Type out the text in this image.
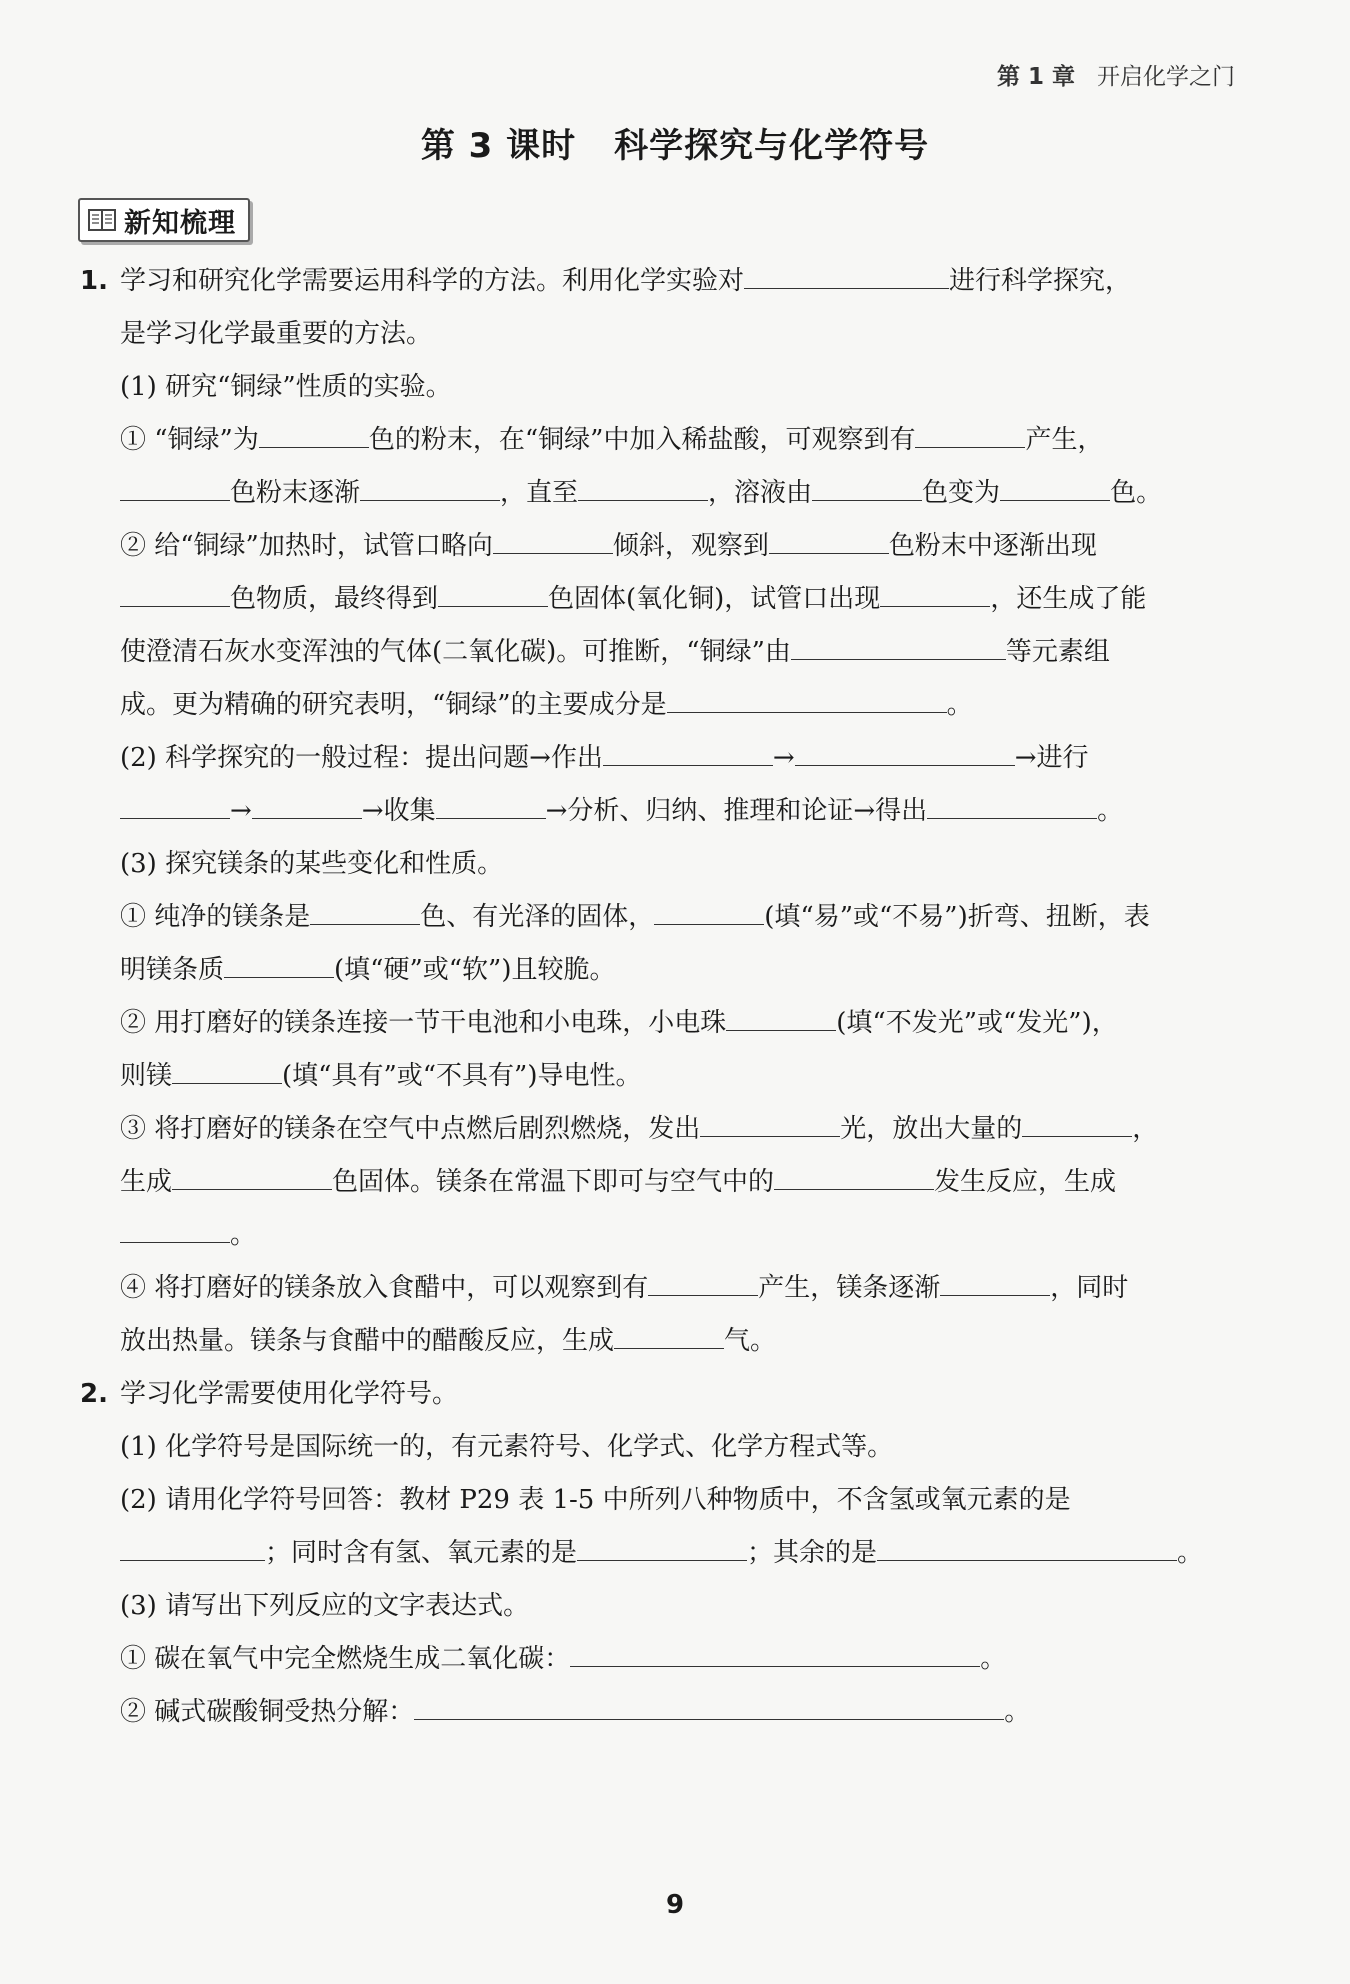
第 1 章 开启化学之门
第 3 课时 科学探究与化学符号
新知梳理
1. 学习和研究化学需要运用科学的方法。利用化学实验对	进行科学探究，
是学习化学最重要的方法。
(1) 研究“铜绿”性质的实验。
① “铜绿”为	色的粉末，在“铜绿”中加入稀盐酸，可观察到有	产生，
色粉末逐渐	，直至	，溶液由	色变为	色。
② 给“铜绿”加热时，试管口略向	倾斜，观察到	色粉末中逐渐出现
色物质，最终得到	色固体(氧化铜)，试管口出现	，还生成了能
使澄清石灰水变浑浊的气体(二氧化碳)。可推断，“铜绿”由	等元素组
成。更为精确的研究表明，“铜绿”的主要成分是	。
(2) 科学探究的一般过程：提出问题→作出	→	→进行
→	→收集	→分析、归纳、推理和论证→得出	。
(3) 探究镁条的某些变化和性质。
① 纯净的镁条是	色、有光泽的固体，	(填“易”或“不易”)折弯、扭断，表
明镁条质	(填“硬”或“软”)且较脆。
② 用打磨好的镁条连接一节干电池和小电珠，小电珠	(填“不发光”或“发光”)，
则镁	(填“具有”或“不具有”)导电性。
③ 将打磨好的镁条在空气中点燃后剧烈燃烧，发出	光，放出大量的	，
生成	色固体。镁条在常温下即可与空气中的	发生反应，生成
。
④ 将打磨好的镁条放入食醋中，可以观察到有	产生，镁条逐渐	，同时
放出热量。镁条与食醋中的醋酸反应，生成	气。
2. 学习化学需要使用化学符号。
(1) 化学符号是国际统一的，有元素符号、化学式、化学方程式等。
(2) 请用化学符号回答：教材 P29 表 1-5 中所列八种物质中，不含氢或氧元素的是
；同时含有氢、氧元素的是	；其余的是	。
(3) 请写出下列反应的文字表达式。
① 碳在氧气中完全燃烧生成二氧化碳：	。
② 碱式碳酸铜受热分解：	。
9
